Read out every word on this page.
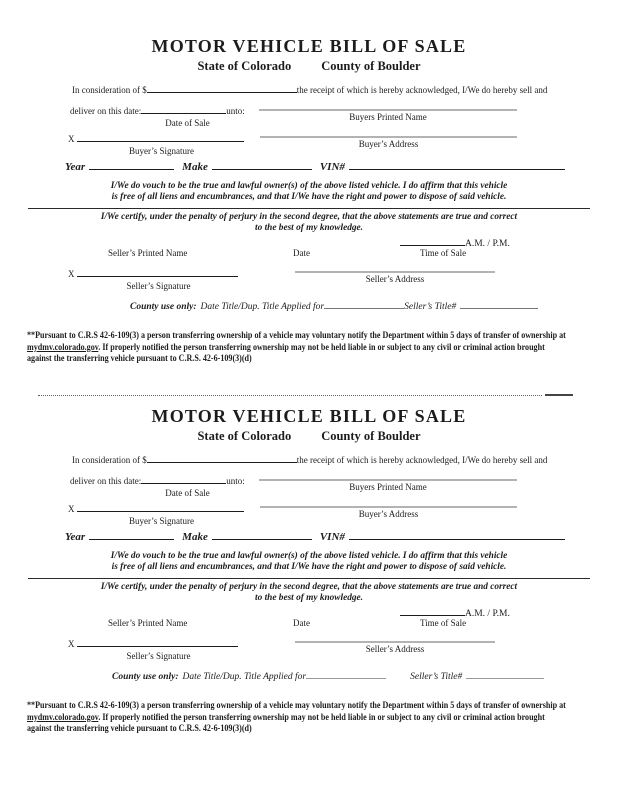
MOTOR VEHICLE BILL OF SALE
State of Colorado County of Boulder
In consideration of $	the receipt of which is hereby acknowledged, I/We do hereby sell and
deliver on this date:	unto:
Date of Sale
Buyers Printed Name
X
Buyer’s Signature
Buyer’s Address
Year	Make	VIN#
I/We do vouch to be the true and lawful owner(s) of the above listed vehicle. I do affirm that this vehicle
is free of all liens and encumbrances, and that I/We have the right and power to dispose of said vehicle.
I/We certify, under the penalty of perjury in the second degree, that the above statements are true and correct
to the best of my knowledge.
A.M. / P.M.
Seller’s Printed Name	Date	Time of Sale
X
Seller’s Signature
Seller’s Address
County use only: Date Title/Dup. Title Applied for	Seller’s Title#
**Pursuant to C.R.S 42-6-109(3) a person transferring ownership of a vehicle may voluntary notify the Department within 5 days of transfer of ownership at
mydmv.colorado.gov. If properly notified the person transferring ownership may not be held liable in or subject to any civil or criminal action brought
against the transferring vehicle pursuant to C.R.S. 42-6-109(3)(d)
MOTOR VEHICLE BILL OF SALE
State of Colorado County of Boulder
In consideration of $	the receipt of which is hereby acknowledged, I/We do hereby sell and
deliver on this date:	unto:
Date of Sale
Buyers Printed Name
X
Buyer’s Signature
Buyer’s Address
Year	Make	VIN#
I/We do vouch to be the true and lawful owner(s) of the above listed vehicle. I do affirm that this vehicle
is free of all liens and encumbrances, and that I/We have the right and power to dispose of said vehicle.
I/We certify, under the penalty of perjury in the second degree, that the above statements are true and correct
to the best of my knowledge.
A.M. / P.M.
Seller’s Printed Name	Date	Time of Sale
X
Seller’s Signature
Seller’s Address
County use only: Date Title/Dup. Title Applied for	Seller’s Title#
**Pursuant to C.R.S 42-6-109(3) a person transferring ownership of a vehicle may voluntary notify the Department within 5 days of transfer of ownership at
mydmv.colorado.gov. If properly notified the person transferring ownership may not be held liable in or subject to any civil or criminal action brought
against the transferring vehicle pursuant to C.R.S. 42-6-109(3)(d)
